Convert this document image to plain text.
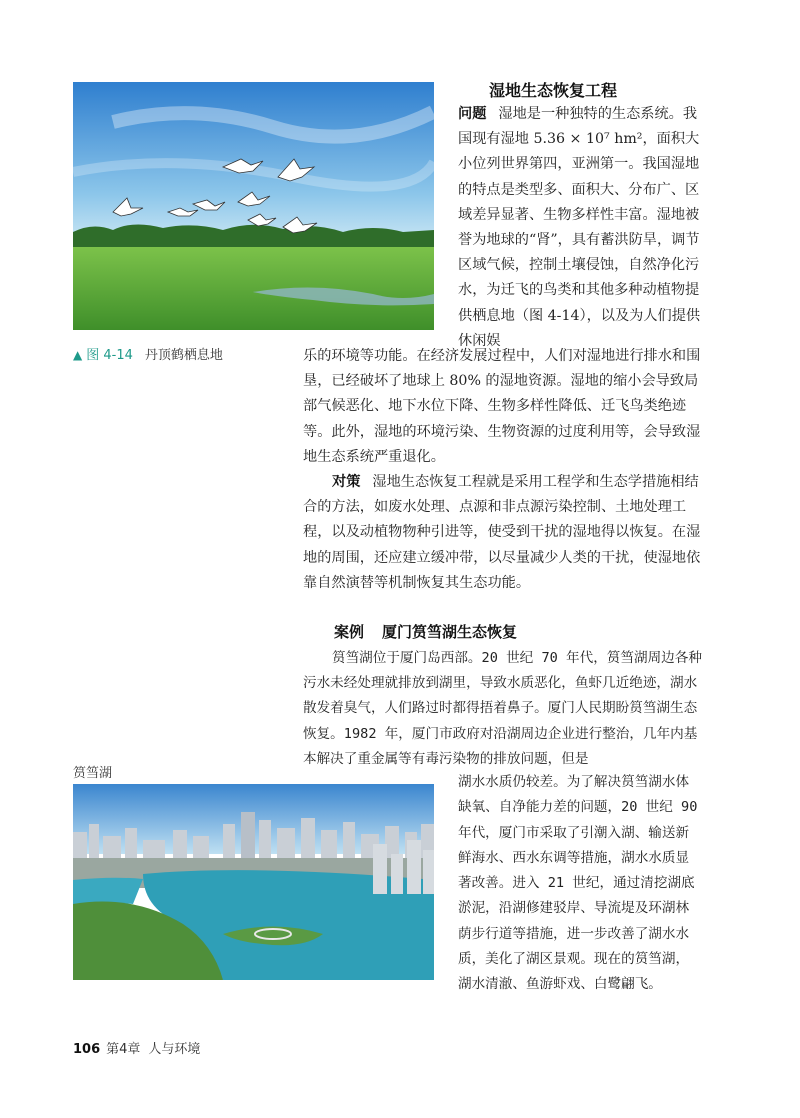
▲ 图 4-14 丹顶鹤栖息地
湿地生态恢复工程
问题 湿地是一种独特的生态系统。我国现有湿地 5.36 × 10⁷ hm²，面积大小位列世界第四，亚洲第一。我国湿地的特点是类型多、面积大、分布广、区域差异显著、生物多样性丰富。湿地被誉为地球的“肾”，具有蓄洪防旱，调节区域气候，控制土壤侵蚀，自然净化污水，为迁飞的鸟类和其他多种动植物提供栖息地（图 4-14），以及为人们提供休闲娱
乐的环境等功能。在经济发展过程中，人们对湿地进行排水和围垦，已经破坏了地球上 80% 的湿地资源。湿地的缩小会导致局部气候恶化、地下水位下降、生物多样性降低、迁飞鸟类绝迹等。此外，湿地的环境污染、生物资源的过度利用等，会导致湿地生态系统严重退化。
对策 湿地生态恢复工程就是采用工程学和生态学措施相结合的方法，如废水处理、点源和非点源污染控制、土地处理工程，以及动植物物种引进等，使受到干扰的湿地得以恢复。在湿地的周围，还应建立缓冲带，以尽量减少人类的干扰，使湿地依靠自然演替等机制恢复其生态功能。
案例 厦门筼筜湖生态恢复
筼筜湖位于厦门岛西部。20 世纪 70 年代，筼筜湖周边各种污水未经处理就排放到湖里，导致水质恶化，鱼虾几近绝迹，湖水散发着臭气，人们路过时都得捂着鼻子。厦门人民期盼筼筜湖生态恢复。1982 年，厦门市政府对沿湖周边企业进行整治，几年内基本解决了重金属等有毒污染物的排放问题，但是
筼筜湖
湖水水质仍较差。为了解决筼筜湖水体缺氧、自净能力差的问题，20 世纪 90 年代，厦门市采取了引潮入湖、输送新鲜海水、西水东调等措施，湖水水质显著改善。进入 21 世纪，通过清挖湖底淤泥，沿湖修建驳岸、导流堤及环湖林荫步行道等措施，进一步改善了湖水水质，美化了湖区景观。现在的筼筜湖，湖水清澈、鱼游虾戏、白鹭翩飞。
106 第4章 人与环境
